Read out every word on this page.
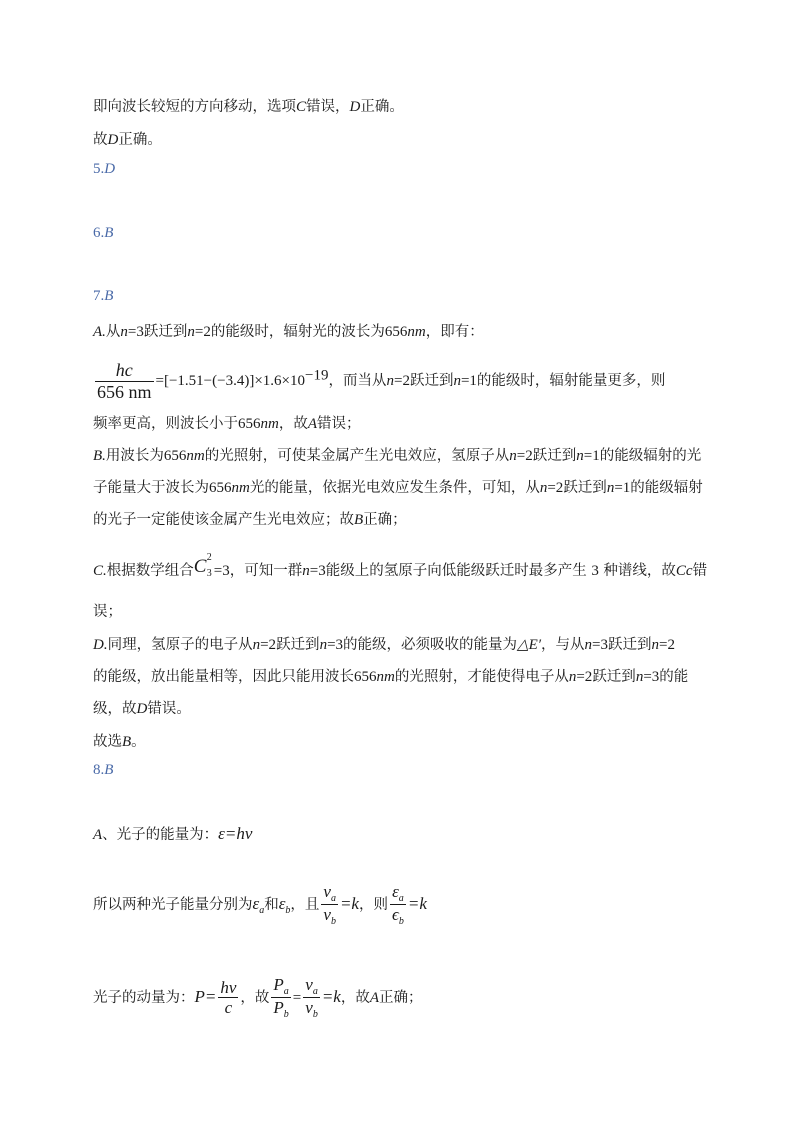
即向波长较短的方向移动，选项C错误，D正确。
故D正确。
5.D
6.B
7.B
A.从n=3跃迁到n=2的能级时，辐射光的波长为656nm，即有：
$\frac{hc}{656 nm} =[-1.51-(-3.4)]\times 1.6\times 10^{-19}$，而当从n=2跃迁到n=1的能级时，辐射能量更多，则
频率更高，则波长小于656nm，故A错误；
B.用波长为656nm的光照射，可使某金属产生光电效应，氢原子从n=2跃迁到n=1的能级辐射的光
子能量大于波长为656nm光的能量，依据光电效应发生条件，可知，从n=2跃迁到n=1的能级辐射
的光子一定能使该金属产生光电效应；故B正确；
C.根据数学组合 C 2
3 =3，可知一群n=3能级上的氢原子向低能级跃迁时最多产生 3 种谱线，故Cc错
误；
D.同理，氢原子的电子从n=2跃迁到n=3的能级，必须吸收的能量为△E′，与从n=3跃迁到n=2
的能级，放出能量相等，因此只能用波长656nm的光照射，才能使得电子从n=2跃迁到n=3的能
级，故D错误。
故选B。
8.B
A、光子的能量为：ε=hν
所以两种光子能量分别为$\varepsilon_a$和$\varepsilon_b$，且 $\frac{\nu_a}{\nu_b} =k$，则 $\frac{\varepsilon_a}{\epsilon_b} =k$
光子的动量为：$P= \frac{h\nu}{c}$ ，故 $\frac{P_a}{P_b} = \frac{\nu_a}{\nu_b} =k$，故A正确；
